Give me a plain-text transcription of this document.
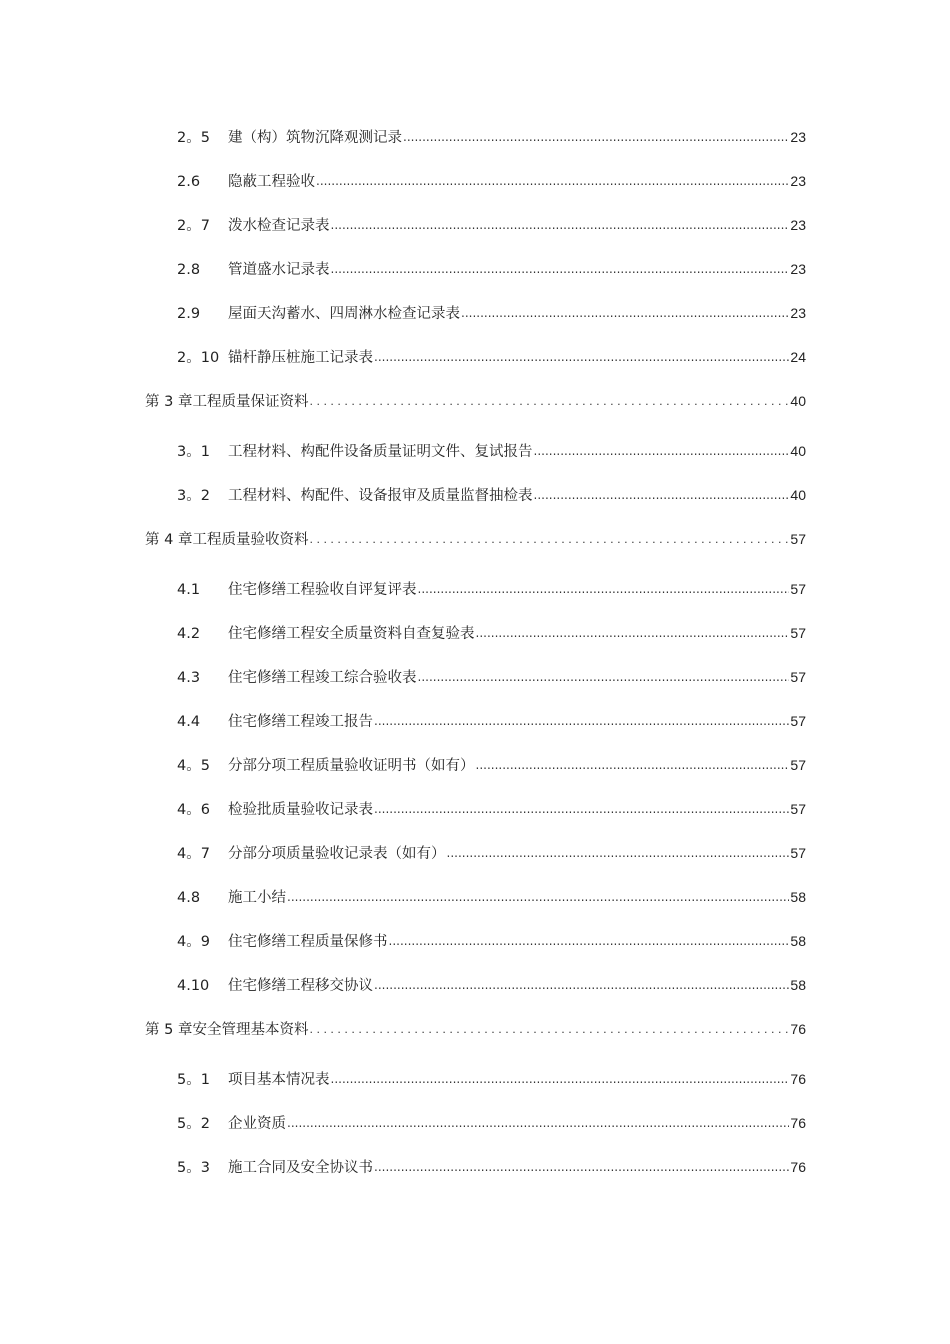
2。5	建（构）筑物沉降观测记录 .....	23
2.6	隐蔽工程验收 .....	23
2。7	泼水检查记录表 .....	23
2.8	管道盛水记录表 .....	23
2.9	屋面天沟蓄水、四周淋水检查记录表 .....	23
2。10 锚杆静压桩施工记录表 .....	24
第 3 章 工程质量保证资料 . . .	40
3。1	工程材料、构配件设备质量证明文件、复试报告 .....	40
3。2	工程材料、构配件、设备报审及质量监督抽检表 .....	40
第 4 章 工程质量验收资料 . . .	57
4.1	住宅修缮工程验收自评复评表 .....	57
4.2	住宅修缮工程安全质量资料自查复验表 .....	57
4.3	住宅修缮工程竣工综合验收表 .....	57
4.4	住宅修缮工程竣工报告 .....	57
4。5	分部分项工程质量验收证明书（如有） .....	57
4。6	检验批质量验收记录表 .....	57
4。7	分部分项质量验收记录表（如有） .....	57
4.8	施工小结 .....	58
4。9	住宅修缮工程质量保修书 .....	58
4.10	住宅修缮工程移交协议 .....	58
第 5 章 安全管理基本资料 . . .	76
5。1	项目基本情况表 .....	76
5。2	企业资质 .....	76
5。3	施工合同及安全协议书 .....	76
